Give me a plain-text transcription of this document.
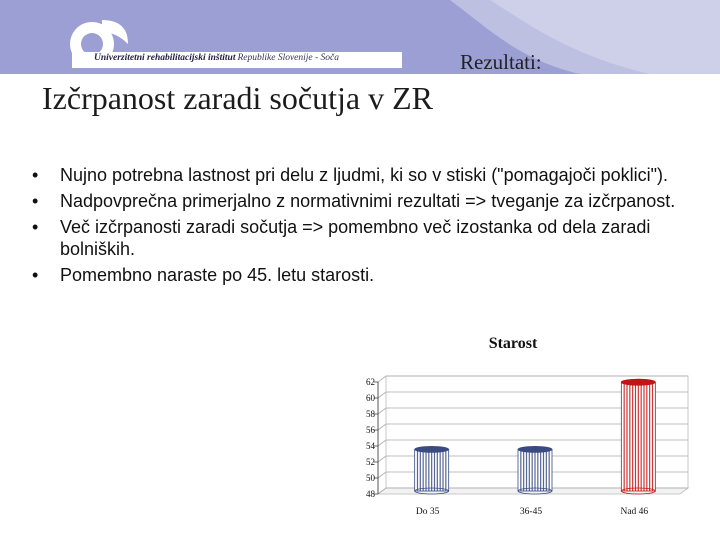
Univerzitetni rehabilitacijski inštitut Republike Slovenije - Soča	Rezultati:
Izčrpanost zaradi sočutja v ZR
• Nujno potrebna lastnost pri delu z ljudmi, ki so v stiski ("pomagajoči poklici").
• Nadpovprečna primerjalno z normativnimi rezultati => tveganje za izčrpanost.
• Več izčrpanosti zaradi sočutja => pomembno več izostanka od dela zaradi bolniških.
• Pomembno naraste po 45. letu starosti.
Starost
48
50
52
54
56
58
60
62
Do 35	36-45	Nad 46
